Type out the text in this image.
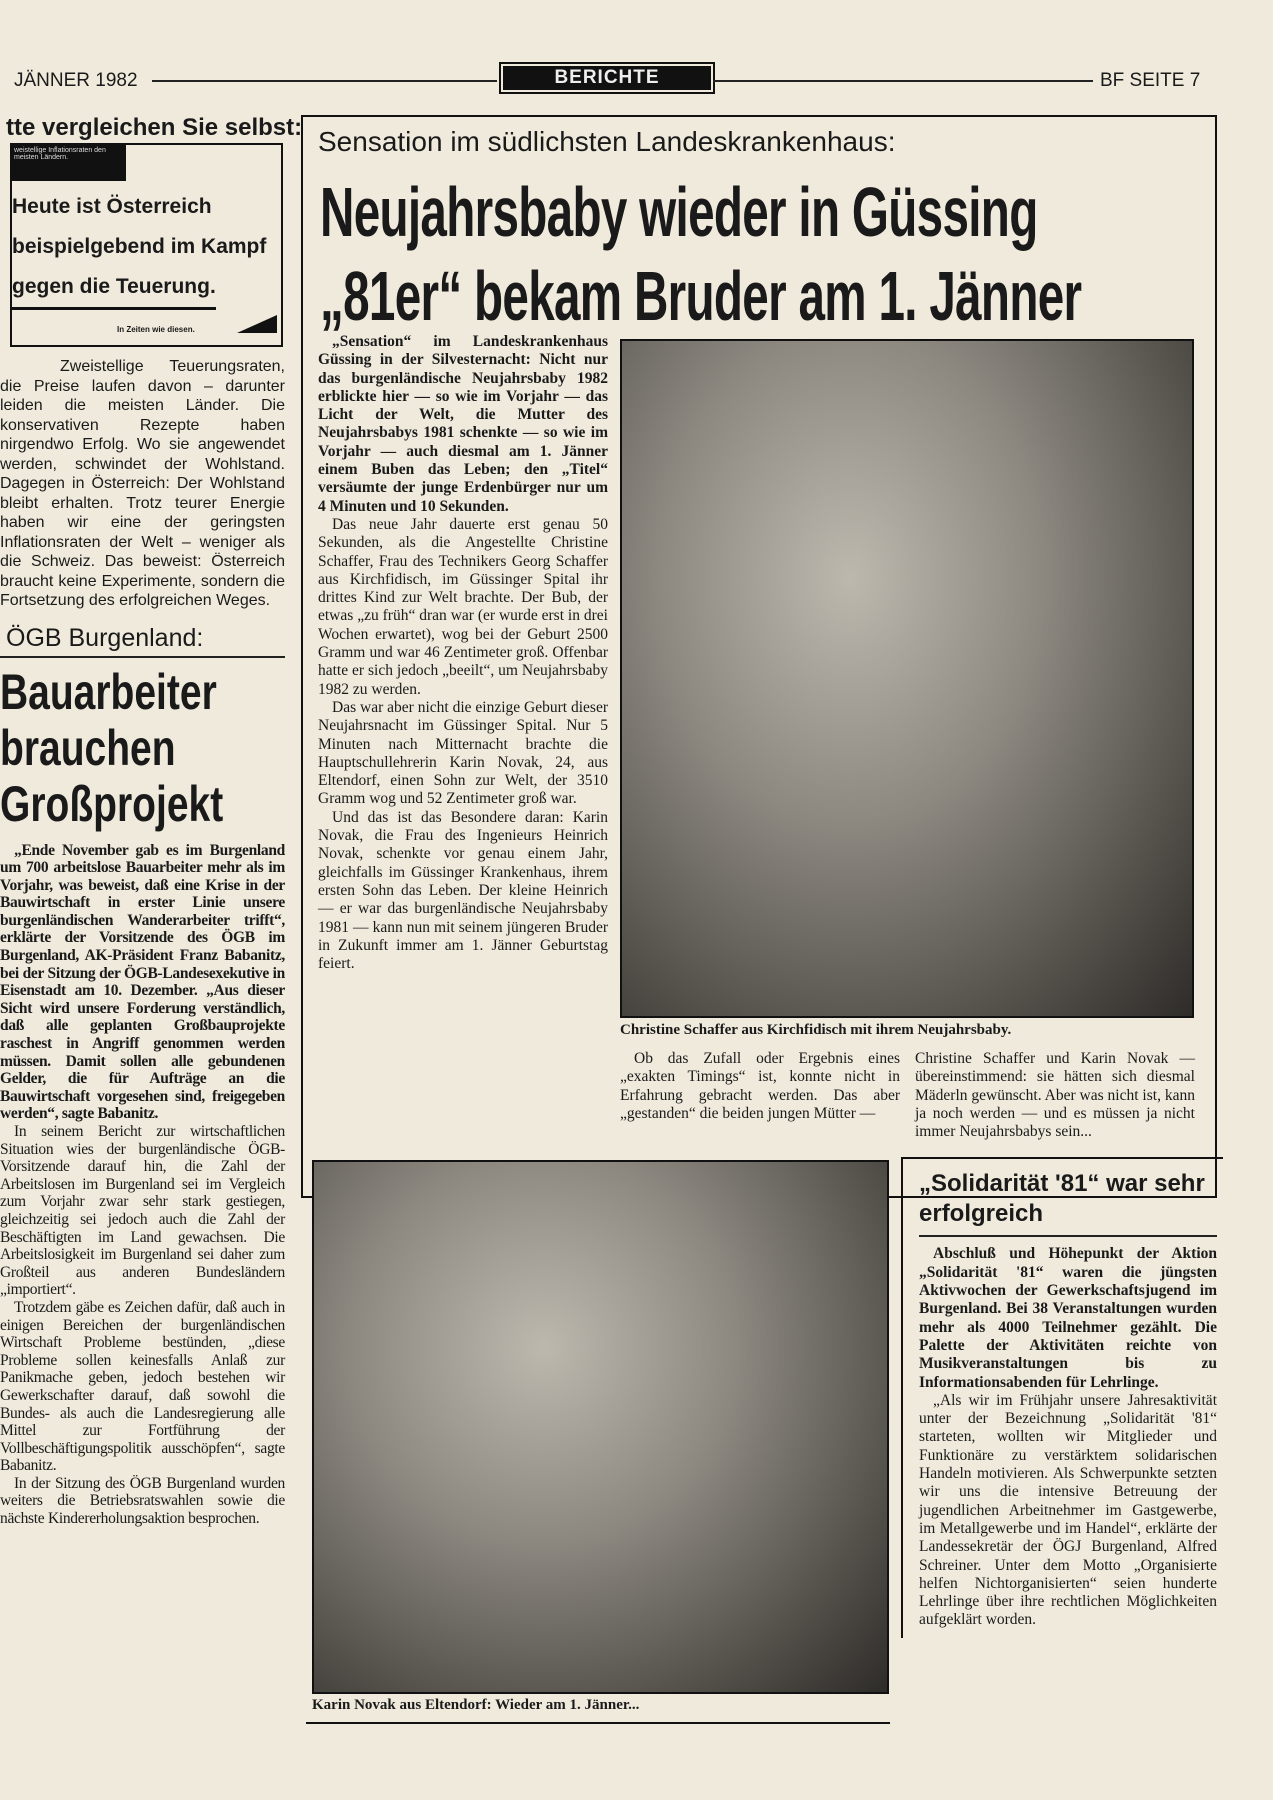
JÄNNER 1982	BERICHTE	BF SEITE 7
tte vergleichen Sie selbst:
weistellige Inflationsraten den meisten Ländern.
Heute ist Österreich
beispielgebend im Kampf
gegen die Teuerung.
In Zeiten wie diesen.

Zweistellige Teuerungsraten, die Preise laufen davon – darunter leiden die meisten Länder. Die konservativen Rezepte haben nirgendwo Erfolg. Wo sie angewendet werden, schwindet der Wohlstand. Dagegen in Österreich: Der Wohlstand bleibt erhalten. Trotz teurer Energie haben wir eine der geringsten Inflationsraten der Welt – weniger als die Schweiz. Das beweist: Österreich braucht keine Experimente, sondern die Fortsetzung des erfolgreichen Weges.

ÖGB Burgenland:
Bauarbeiter
brauchen
Großprojekt

„Ende November gab es im Burgenland um 700 arbeitslose Bauarbeiter mehr als im Vorjahr, was beweist, daß eine Krise in der Bauwirtschaft in erster Linie unsere burgenländischen Wanderarbeiter trifft“, erklärte der Vorsitzende des ÖGB im Burgenland, AK-Präsident Franz Babanitz, bei der Sitzung der ÖGB-Landesexekutive in Eisenstadt am 10. Dezember. „Aus dieser Sicht wird unsere Forderung verständlich, daß alle geplanten Großbauprojekte raschest in Angriff genommen werden müssen. Damit sollen alle gebundenen Gelder, die für Aufträge an die Bauwirtschaft vorgesehen sind, freigegeben werden“, sagte Babanitz.

In seinem Bericht zur wirtschaftlichen Situation wies der burgenländische ÖGB-Vorsitzende darauf hin, die Zahl der Arbeitslosen im Burgenland sei im Vergleich zum Vorjahr zwar sehr stark gestiegen, gleichzeitig sei jedoch auch die Zahl der Beschäftigten im Land gewachsen. Die Arbeitslosigkeit im Burgenland sei daher zum Großteil aus anderen Bundesländern „importiert“.

Trotzdem gäbe es Zeichen dafür, daß auch in einigen Bereichen der burgenländischen Wirtschaft Probleme bestünden, „diese Probleme sollen keinesfalls Anlaß zur Panikmache geben, jedoch bestehen wir Gewerkschafter darauf, daß sowohl die Bundes- als auch die Landesregierung alle Mittel zur Fortführung der Vollbeschäftigungspolitik ausschöpfen“, sagte Babanitz.

In der Sitzung des ÖGB Burgenland wurden weiters die Betriebsratswahlen sowie die nächste Kindererholungsaktion besprochen.

Sensation im südlichsten Landeskrankenhaus:
Neujahrsbaby wieder in Güssing
„81er“ bekam Bruder am 1. Jänner

„Sensation“ im Landeskrankenhaus Güssing in der Silvesternacht: Nicht nur das burgenländische Neujahrsbaby 1982 erblickte hier — so wie im Vorjahr — das Licht der Welt, die Mutter des Neujahrsbabys 1981 schenkte — so wie im Vorjahr — auch diesmal am 1. Jänner einem Buben das Leben; den „Titel“ versäumte der junge Erdenbürger nur um 4 Minuten und 10 Sekunden.

Das neue Jahr dauerte erst genau 50 Sekunden, als die Angestellte Christine Schaffer, Frau des Technikers Georg Schaffer aus Kirchfidisch, im Güssinger Spital ihr drittes Kind zur Welt brachte. Der Bub, der etwas „zu früh“ dran war (er wurde erst in drei Wochen erwartet), wog bei der Geburt 2500 Gramm und war 46 Zentimeter groß. Offenbar hatte er sich jedoch „beeilt“, um Neujahrsbaby 1982 zu werden.

Das war aber nicht die einzige Geburt dieser Neujahrsnacht im Güssinger Spital. Nur 5 Minuten nach Mitternacht brachte die Hauptschullehrerin Karin Novak, 24, aus Eltendorf, einen Sohn zur Welt, der 3510 Gramm wog und 52 Zentimeter groß war.

Und das ist das Besondere daran: Karin Novak, die Frau des Ingenieurs Heinrich Novak, schenkte vor genau einem Jahr, gleichfalls im Güssinger Krankenhaus, ihrem ersten Sohn das Leben. Der kleine Heinrich — er war das burgenländische Neujahrsbaby 1981 — kann nun mit seinem jüngeren Bruder in Zukunft immer am 1. Jänner Geburtstag feiert.

Christine Schaffer aus Kirchfidisch mit ihrem Neujahrsbaby.

Ob das Zufall oder Ergebnis eines „exakten Timings“ ist, konnte nicht in Erfahrung gebracht werden. Das aber „gestanden“ die beiden jungen Mütter —

Christine Schaffer und Karin Novak — übereinstimmend: sie hätten sich diesmal Mäderln gewünscht. Aber was nicht ist, kann ja noch werden — und es müssen ja nicht immer Neujahrsbabys sein...

„Solidarität '81“ war sehr erfolgreich

Abschluß und Höhepunkt der Aktion „Solidarität '81“ waren die jüngsten Aktivwochen der Gewerkschaftsjugend im Burgenland. Bei 38 Veranstaltungen wurden mehr als 4000 Teilnehmer gezählt. Die Palette der Aktivitäten reichte von Musikveranstaltungen bis zu Informationsabenden für Lehrlinge.

„Als wir im Frühjahr unsere Jahresaktivität unter der Bezeichnung „Solidarität '81“ starteten, wollten wir Mitglieder und Funktionäre zu verstärktem solidarischen Handeln motivieren. Als Schwerpunkte setzten wir uns die intensive Betreuung der jugendlichen Arbeitnehmer im Gastgewerbe, im Metallgewerbe und im Handel“, erklärte der Landessekretär der ÖGJ Burgenland, Alfred Schreiner. Unter dem Motto „Organisierte helfen Nichtorganisierten“ seien hunderte Lehrlinge über ihre rechtlichen Möglichkeiten aufgeklärt worden.

Karin Novak aus Eltendorf: Wieder am 1. Jänner...
